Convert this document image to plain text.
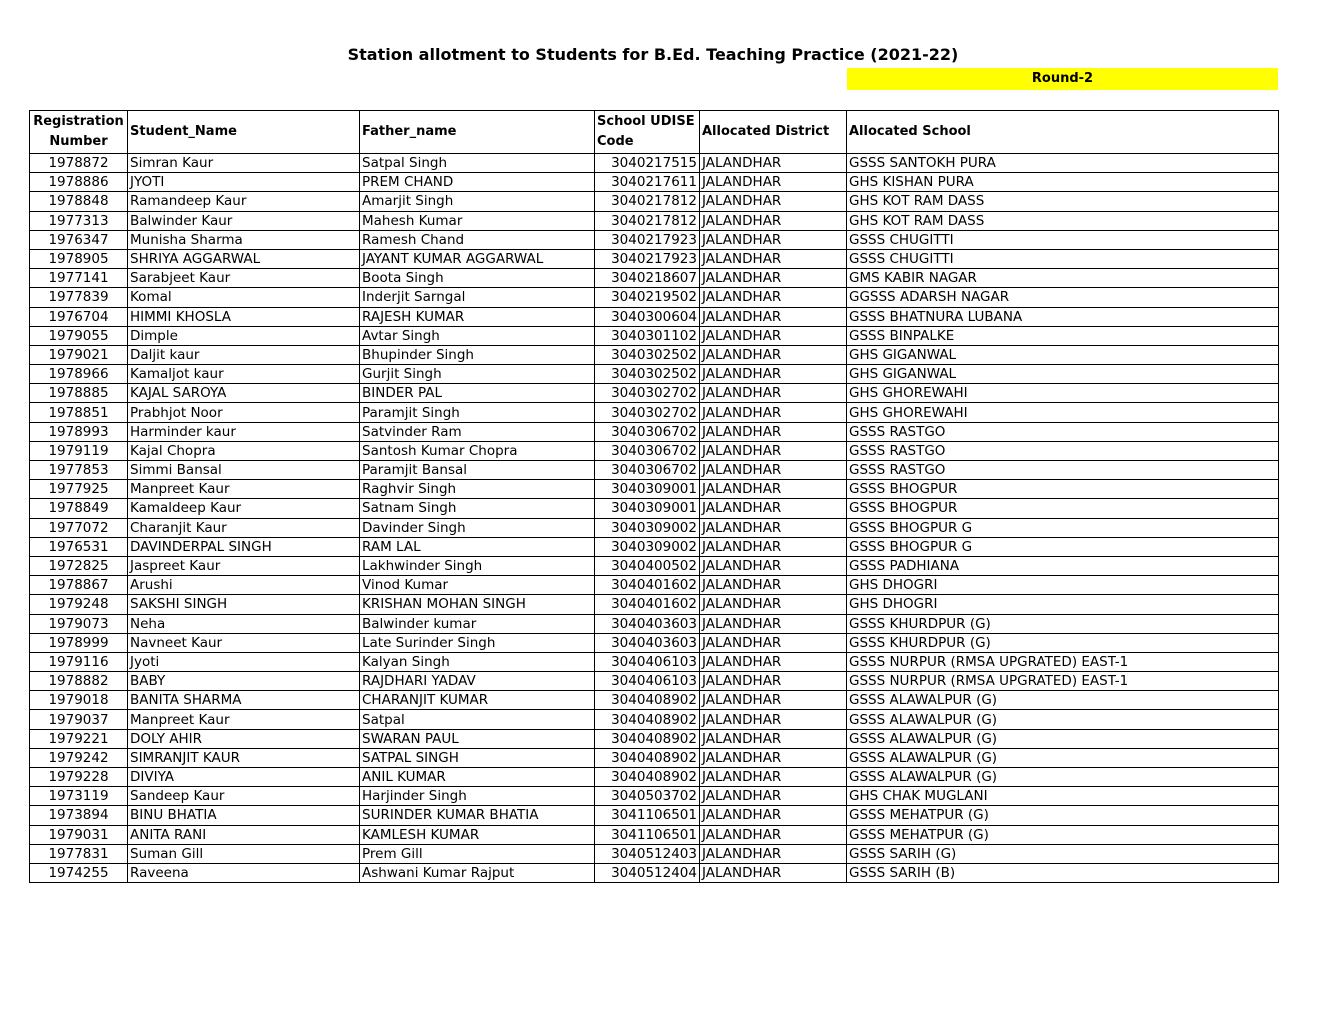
Station allotment to Students for B.Ed. Teaching Practice (2021-22)
Round-2
Registration Number	Student_Name	Father_name	School UDISE Code	Allocated District	Allocated School
1978872	Simran Kaur	Satpal Singh	3040217515	JALANDHAR	GSSS SANTOKH PURA
1978886	JYOTI	PREM CHAND	3040217611	JALANDHAR	GHS KISHAN PURA
1978848	Ramandeep Kaur	Amarjit Singh	3040217812	JALANDHAR	GHS KOT RAM DASS
1977313	Balwinder Kaur	Mahesh Kumar	3040217812	JALANDHAR	GHS KOT RAM DASS
1976347	Munisha Sharma	Ramesh Chand	3040217923	JALANDHAR	GSSS CHUGITTI
1978905	SHRIYA AGGARWAL	JAYANT KUMAR AGGARWAL	3040217923	JALANDHAR	GSSS CHUGITTI
1977141	Sarabjeet Kaur	Boota Singh	3040218607	JALANDHAR	GMS KABIR NAGAR
1977839	Komal	Inderjit Sarngal	3040219502	JALANDHAR	GGSSS ADARSH NAGAR
1976704	HIMMI KHOSLA	RAJESH KUMAR	3040300604	JALANDHAR	GSSS BHATNURA LUBANA
1979055	Dimple	Avtar Singh	3040301102	JALANDHAR	GSSS BINPALKE
1979021	Daljit kaur	Bhupinder Singh	3040302502	JALANDHAR	GHS GIGANWAL
1978966	Kamaljot kaur	Gurjit Singh	3040302502	JALANDHAR	GHS GIGANWAL
1978885	KAJAL SAROYA	BINDER PAL	3040302702	JALANDHAR	GHS GHOREWAHI
1978851	Prabhjot Noor	Paramjit Singh	3040302702	JALANDHAR	GHS GHOREWAHI
1978993	Harminder kaur	Satvinder Ram	3040306702	JALANDHAR	GSSS RASTGO
1979119	Kajal Chopra	Santosh Kumar Chopra	3040306702	JALANDHAR	GSSS RASTGO
1977853	Simmi Bansal	Paramjit Bansal	3040306702	JALANDHAR	GSSS RASTGO
1977925	Manpreet Kaur	Raghvir Singh	3040309001	JALANDHAR	GSSS BHOGPUR
1978849	Kamaldeep Kaur	Satnam Singh	3040309001	JALANDHAR	GSSS BHOGPUR
1977072	Charanjit Kaur	Davinder Singh	3040309002	JALANDHAR	GSSS BHOGPUR G
1976531	DAVINDERPAL SINGH	RAM LAL	3040309002	JALANDHAR	GSSS BHOGPUR G
1972825	Jaspreet Kaur	Lakhwinder Singh	3040400502	JALANDHAR	GSSS PADHIANA
1978867	Arushi	Vinod Kumar	3040401602	JALANDHAR	GHS DHOGRI
1979248	SAKSHI SINGH	KRISHAN MOHAN SINGH	3040401602	JALANDHAR	GHS DHOGRI
1979073	Neha	Balwinder kumar	3040403603	JALANDHAR	GSSS KHURDPUR (G)
1978999	Navneet Kaur	Late Surinder Singh	3040403603	JALANDHAR	GSSS KHURDPUR (G)
1979116	Jyoti	Kalyan Singh	3040406103	JALANDHAR	GSSS NURPUR (RMSA UPGRATED) EAST-1
1978882	BABY	RAJDHARI YADAV	3040406103	JALANDHAR	GSSS NURPUR (RMSA UPGRATED) EAST-1
1979018	BANITA SHARMA	CHARANJIT KUMAR	3040408902	JALANDHAR	GSSS ALAWALPUR (G)
1979037	Manpreet Kaur	Satpal	3040408902	JALANDHAR	GSSS ALAWALPUR (G)
1979221	DOLY AHIR	SWARAN PAUL	3040408902	JALANDHAR	GSSS ALAWALPUR (G)
1979242	SIMRANJIT KAUR	SATPAL SINGH	3040408902	JALANDHAR	GSSS ALAWALPUR (G)
1979228	DIVIYA	ANIL KUMAR	3040408902	JALANDHAR	GSSS ALAWALPUR (G)
1973119	Sandeep Kaur	Harjinder Singh	3040503702	JALANDHAR	GHS CHAK MUGLANI
1973894	BINU BHATIA	SURINDER KUMAR BHATIA	3041106501	JALANDHAR	GSSS MEHATPUR (G)
1979031	ANITA RANI	KAMLESH KUMAR	3041106501	JALANDHAR	GSSS MEHATPUR (G)
1977831	Suman Gill	Prem Gill	3040512403	JALANDHAR	GSSS SARIH (G)
1974255	Raveena	Ashwani Kumar Rajput	3040512404	JALANDHAR	GSSS SARIH (B)
